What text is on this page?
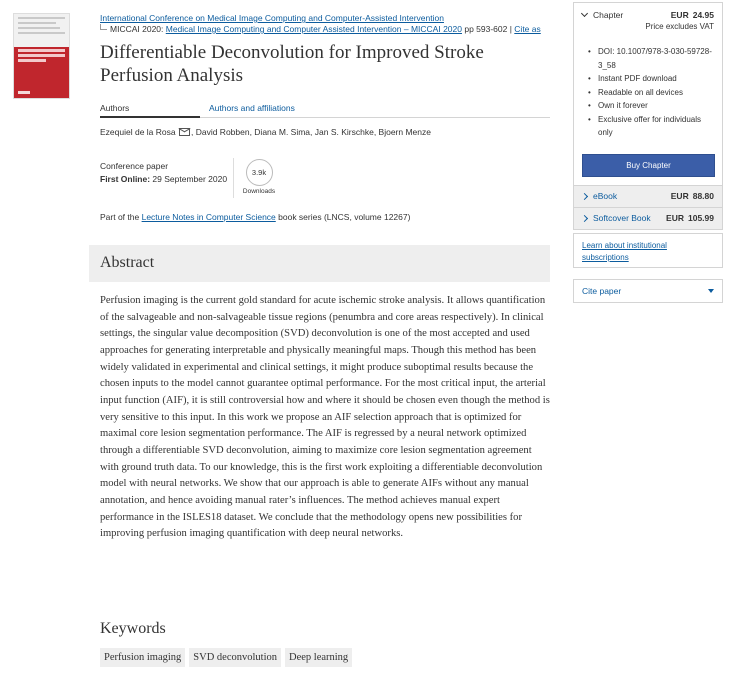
International Conference on Medical Image Computing and Computer-Assisted Intervention
MICCAI 2020: Medical Image Computing and Computer Assisted Intervention – MICCAI 2020 pp 593-602 | Cite as
Differentiable Deconvolution for Improved Stroke Perfusion Analysis
Authors	Authors and affiliations
Ezequiel de la Rosa , David Robben, Diana M. Sima, Jan S. Kirschke, Bjoern Menze
Conference paper
First Online: 29 September 2020
3.9k
Downloads
Part of the Lecture Notes in Computer Science book series (LNCS, volume 12267)
Abstract

Perfusion imaging is the current gold standard for acute ischemic stroke analysis. It allows quantification of the salvageable and non-salvageable tissue regions (penumbra and core areas respectively). In clinical settings, the singular value decomposition (SVD) deconvolution is one of the most accepted and used approaches for generating interpretable and physically meaningful maps. Though this method has been widely validated in experimental and clinical settings, it might produce suboptimal results because the chosen inputs to the model cannot guarantee optimal performance. For the most critical input, the arterial input function (AIF), it is still controversial how and where it should be chosen even though the method is very sensitive to this input. In this work we propose an AIF selection approach that is optimized for maximal core lesion segmentation performance. The AIF is regressed by a neural network optimized through a differentiable SVD deconvolution, aiming to maximize core lesion segmentation agreement with ground truth data. To our knowledge, this is the first work exploiting a differentiable deconvolution model with neural networks. We show that our approach is able to generate AIFs without any manual annotation, and hence avoiding manual rater’s influences. The method achieves manual expert performance in the ISLES18 dataset. We conclude that the methodology opens new possibilities for improving perfusion imaging quantification with deep neural networks.

Keywords
Perfusion imaging	SVD deconvolution	Deep learning
Chapter	EUR 24.95
Price excludes VAT
• DOI: 10.1007/978-3-030-59728-3_58
• Instant PDF download
• Readable on all devices
• Own it forever
• Exclusive offer for individuals only
Buy Chapter
eBook	EUR 88.80
Softcover Book EUR 105.99
Learn about institutional subscriptions
Cite paper
